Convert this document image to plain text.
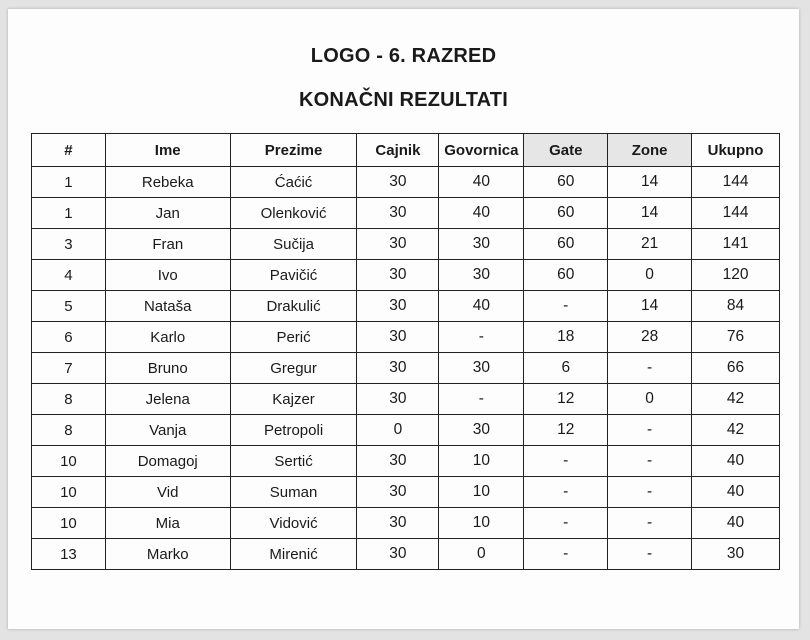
LOGO - 6. RAZRED
KONAČNI REZULTATI
#	Ime	Prezime	Cajnik	Govornica	Gate	Zone	Ukupno
1	Rebeka	Ćaćić	30	40	60	14	144
1	Jan	Olenković	30	40	60	14	144
3	Fran	Sučija	30	30	60	21	141
4	Ivo	Pavičić	30	30	60	0	120
5	Nataša	Drakulić	30	40	-	14	84
6	Karlo	Perić	30	-	18	28	76
7	Bruno	Gregur	30	30	6	-	66
8	Jelena	Kajzer	30	-	12	0	42
8	Vanja	Petropoli	0	30	12	-	42
10	Domagoj	Sertić	30	10	-	-	40
10	Vid	Suman	30	10	-	-	40
10	Mia	Vidović	30	10	-	-	40
13	Marko	Mirenić	30	0	-	-	30
